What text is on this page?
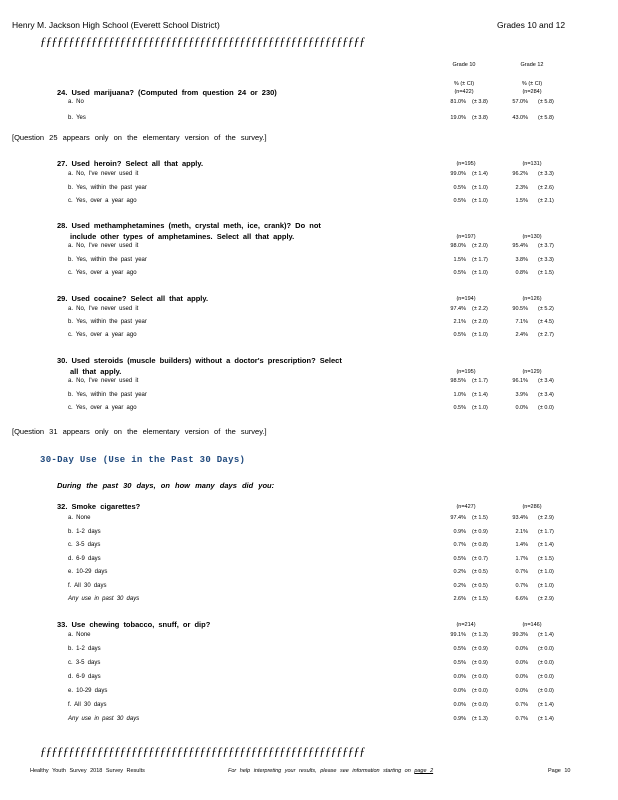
Henry M. Jackson High School (Everett School District)	Grades 10 and 12
ƒƒƒƒƒƒƒƒƒƒƒƒƒƒƒƒƒƒƒƒƒƒƒƒƒƒƒƒƒƒƒƒƒƒƒƒƒƒƒƒƒƒƒƒƒƒƒƒƒƒƒƒƒƒƒƒƒ
Grade 10	Grade 12
% (± CI)	% (± CI)
24. Used marijuana? (Computed from question 24 or 230)	(n=422)	(n=284)
a. No	81.0% (± 3.8)	57.0% (± 5.8)
b. Yes	19.0% (± 3.8)	43.0% (± 5.8)
[Question 25 appears only on the elementary version of the survey.]
27. Used heroin? Select all that apply.	(n=195)	(n=131)
a. No, I've never used it	99.0% (± 1.4)	96.2% (± 3.3)
b. Yes, within the past year	0.5% (± 1.0)	2.3% (± 2.6)
c. Yes, over a year ago	0.5% (± 1.0)	1.5% (± 2.1)
28. Used methamphetamines (meth, crystal meth, ice, crank)? Do not
include other types of amphetamines. Select all that apply.	(n=197)	(n=130)
a. No, I've never used it	98.0% (± 2.0)	95.4% (± 3.7)
b. Yes, within the past year	1.5% (± 1.7)	3.8% (± 3.3)
c. Yes, over a year ago	0.5% (± 1.0)	0.8% (± 1.5)
29. Used cocaine? Select all that apply.	(n=194)	(n=126)
a. No, I've never used it	97.4% (± 2.2)	90.5% (± 5.2)
b. Yes, within the past year	2.1% (± 2.0)	7.1% (± 4.5)
c. Yes, over a year ago	0.5% (± 1.0)	2.4% (± 2.7)
30. Used steroids (muscle builders) without a doctor's prescription? Select
all that apply.	(n=195)	(n=129)
a. No, I've never used it	98.5% (± 1.7)	96.1% (± 3.4)
b. Yes, within the past year	1.0% (± 1.4)	3.9% (± 3.4)
c. Yes, over a year ago	0.5% (± 1.0)	0.0% (± 0.0)
[Question 31 appears only on the elementary version of the survey.]
30-Day Use (Use in the Past 30 Days)
During the past 30 days, on how many days did you:
32. Smoke cigarettes?	(n=427)	(n=286)
a. None	97.4% (± 1.5)	93.4% (± 2.9)
b. 1-2 days	0.9% (± 0.9)	2.1% (± 1.7)
c. 3-5 days	0.7% (± 0.8)	1.4% (± 1.4)
d. 6-9 days	0.5% (± 0.7)	1.7% (± 1.5)
e. 10-29 days	0.2% (± 0.5)	0.7% (± 1.0)
f. All 30 days	0.2% (± 0.5)	0.7% (± 1.0)
Any use in past 30 days	2.6% (± 1.5)	6.6% (± 2.9)
33. Use chewing tobacco, snuff, or dip?	(n=214)	(n=146)
a. None	99.1% (± 1.3)	99.3% (± 1.4)
b. 1-2 days	0.5% (± 0.9)	0.0% (± 0.0)
c. 3-5 days	0.5% (± 0.9)	0.0% (± 0.0)
d. 6-9 days	0.0% (± 0.0)	0.0% (± 0.0)
e. 10-29 days	0.0% (± 0.0)	0.0% (± 0.0)
f. All 30 days	0.0% (± 0.0)	0.7% (± 1.4)
Any use in past 30 days	0.9% (± 1.3)	0.7% (± 1.4)
ƒƒƒƒƒƒƒƒƒƒƒƒƒƒƒƒƒƒƒƒƒƒƒƒƒƒƒƒƒƒƒƒƒƒƒƒƒƒƒƒƒƒƒƒƒƒƒƒƒƒƒƒƒƒƒƒƒ
Healthy Youth Survey 2018 Survey Results	For help interpreting your results, please see information starting on page 2	Page 10
